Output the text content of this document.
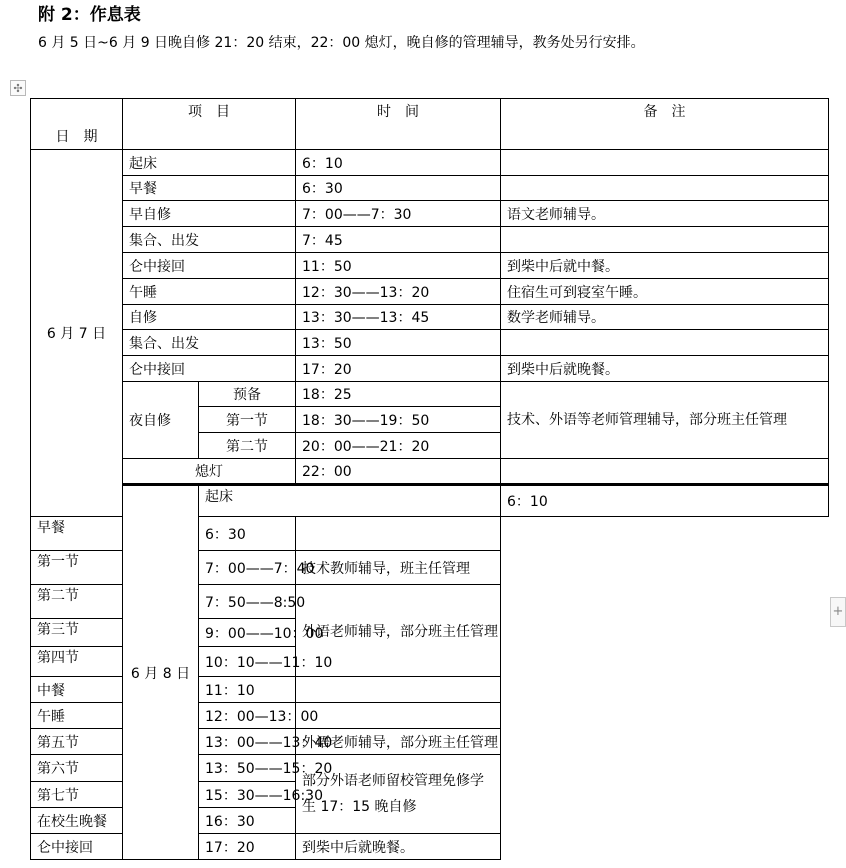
附 2：作息表
6 月 5 日~6 月 9 日晚自修 21：20 结束，22：00 熄灯，晚自修的管理辅导，教务处另行安排。
✣
+
日　期	项　目		时　间	备　注	
6 月 7 日	起床		6：10		
	早餐		6：30		
	早自修		7：00——7：30	语文老师辅导。	
	集合、出发		7：45		
	仑中接回		11：50	到柴中后就中餐。	
	午睡		12：30——13：20	住宿生可到寝室午睡。	
	自修		13：30——13：45	数学老师辅导。	
	集合、出发		13：50		
	仑中接回		17：20	到柴中后就晚餐。	
	夜自修	预备	18：25	技术、外语等老师管理辅导，部分班主任管理	
		第一节	18：30——19：50		
		第二节	20：00——21：20		
	熄灯		22：00		
	6 月 8 日	起床		6：10	
早餐		6：30			
第一节		7：00——7：40	技术教师辅导，班主任管理		
第二节		7：50——8:50	外语老师辅导，部分班主任管理		
第三节		9：00——10：00			
第四节		10：10——11：10			
中餐		11：10			
午睡		12：00—13：00			
第五节		13：00——13：40	外语老师辅导，部分班主任管理		
第六节		13：50——15：20	部分外语老师留校管理免修学生 17：15 晚自修		
第七节		15：30——16:30			
在校生晚餐		16：30			
仑中接回		17：20	到柴中后就晚餐。		
